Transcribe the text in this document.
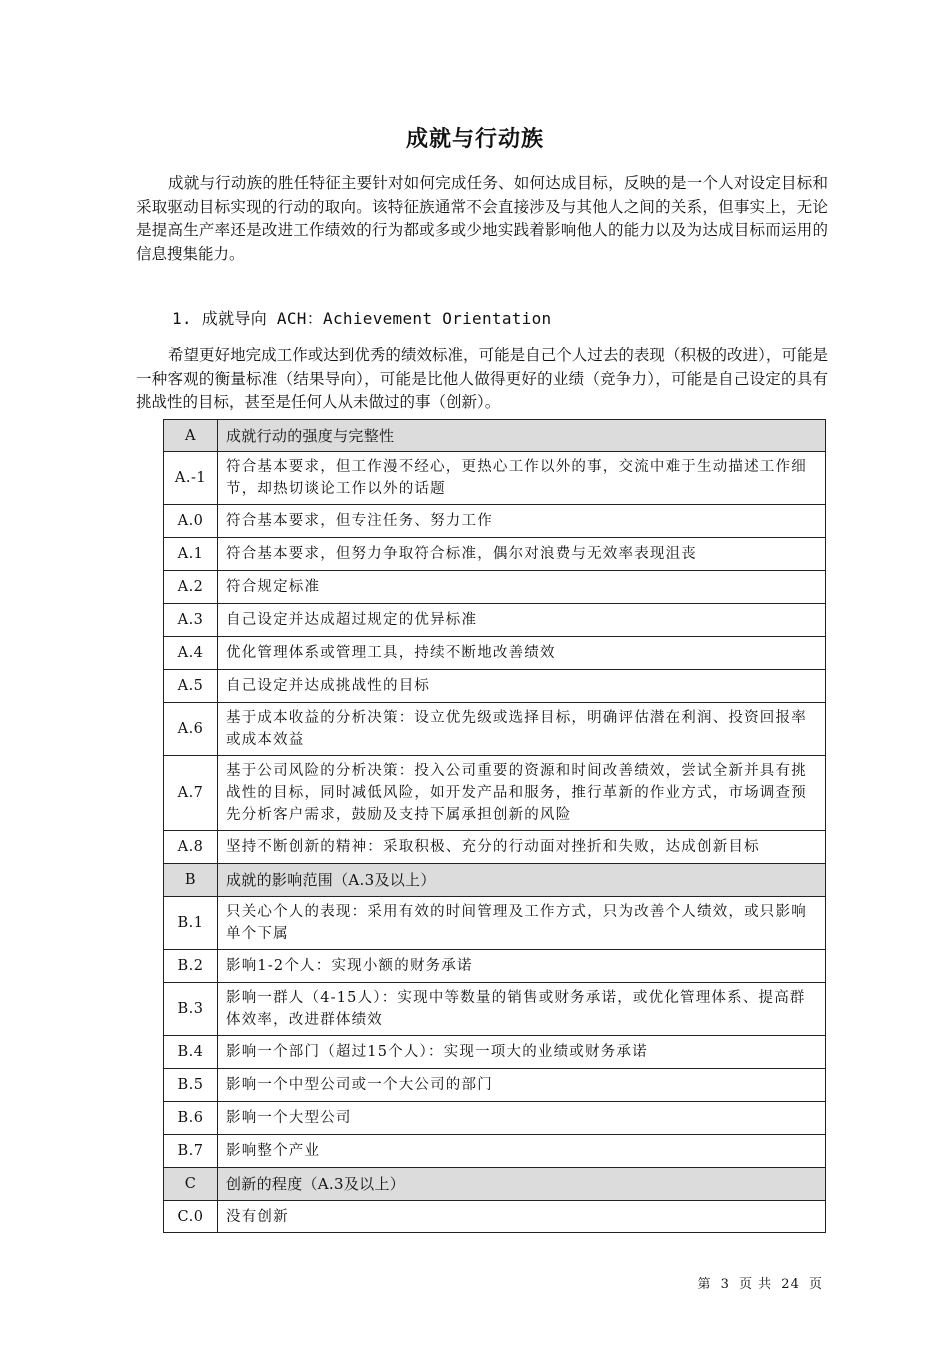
成就与行动族

成就与行动族的胜任特征主要针对如何完成任务、如何达成目标，反映的是一个人对设定目标和采取驱动目标实现的行动的取向。该特征族通常不会直接涉及与其他人之间的关系，但事实上，无论是提高生产率还是改进工作绩效的行为都或多或少地实践着影响他人的能力以及为达成目标而运用的信息搜集能力。

1. 成就导向 ACH：Achievement Orientation

希望更好地完成工作或达到优秀的绩效标准，可能是自己个人过去的表现（积极的改进），可能是一种客观的衡量标准（结果导向），可能是比他人做得更好的业绩（竞争力），可能是自己设定的具有挑战性的目标，甚至是任何人从未做过的事（创新）。

A	成就行动的强度与完整性
A.-1	符合基本要求，但工作漫不经心，更热心工作以外的事，交流中难于生动描述工作细节，却热切谈论工作以外的话题
A.0	符合基本要求，但专注任务、努力工作
A.1	符合基本要求，但努力争取符合标准，偶尔对浪费与无效率表现沮丧
A.2	符合规定标准
A.3	自己设定并达成超过规定的优异标准
A.4	优化管理体系或管理工具，持续不断地改善绩效
A.5	自己设定并达成挑战性的目标
A.6	基于成本收益的分析决策：设立优先级或选择目标，明确评估潜在利润、投资回报率或成本效益
A.7	基于公司风险的分析决策：投入公司重要的资源和时间改善绩效，尝试全新并具有挑战性的目标，同时减低风险，如开发产品和服务，推行革新的作业方式，市场调查预先分析客户需求，鼓励及支持下属承担创新的风险
A.8	坚持不断创新的精神：采取积极、充分的行动面对挫折和失败，达成创新目标
B	成就的影响范围（A.3及以上）
B.1	只关心个人的表现：采用有效的时间管理及工作方式，只为改善个人绩效，或只影响单个下属
B.2	影响1-2个人：实现小额的财务承诺
B.3	影响一群人（4-15人）：实现中等数量的销售或财务承诺，或优化管理体系、提高群体效率，改进群体绩效
B.4	影响一个部门（超过15个人）：实现一项大的业绩或财务承诺
B.5	影响一个中型公司或一个大公司的部门
B.6	影响一个大型公司
B.7	影响整个产业
C	创新的程度（A.3及以上）
C.0	没有创新
第 3 页 共 24 页
